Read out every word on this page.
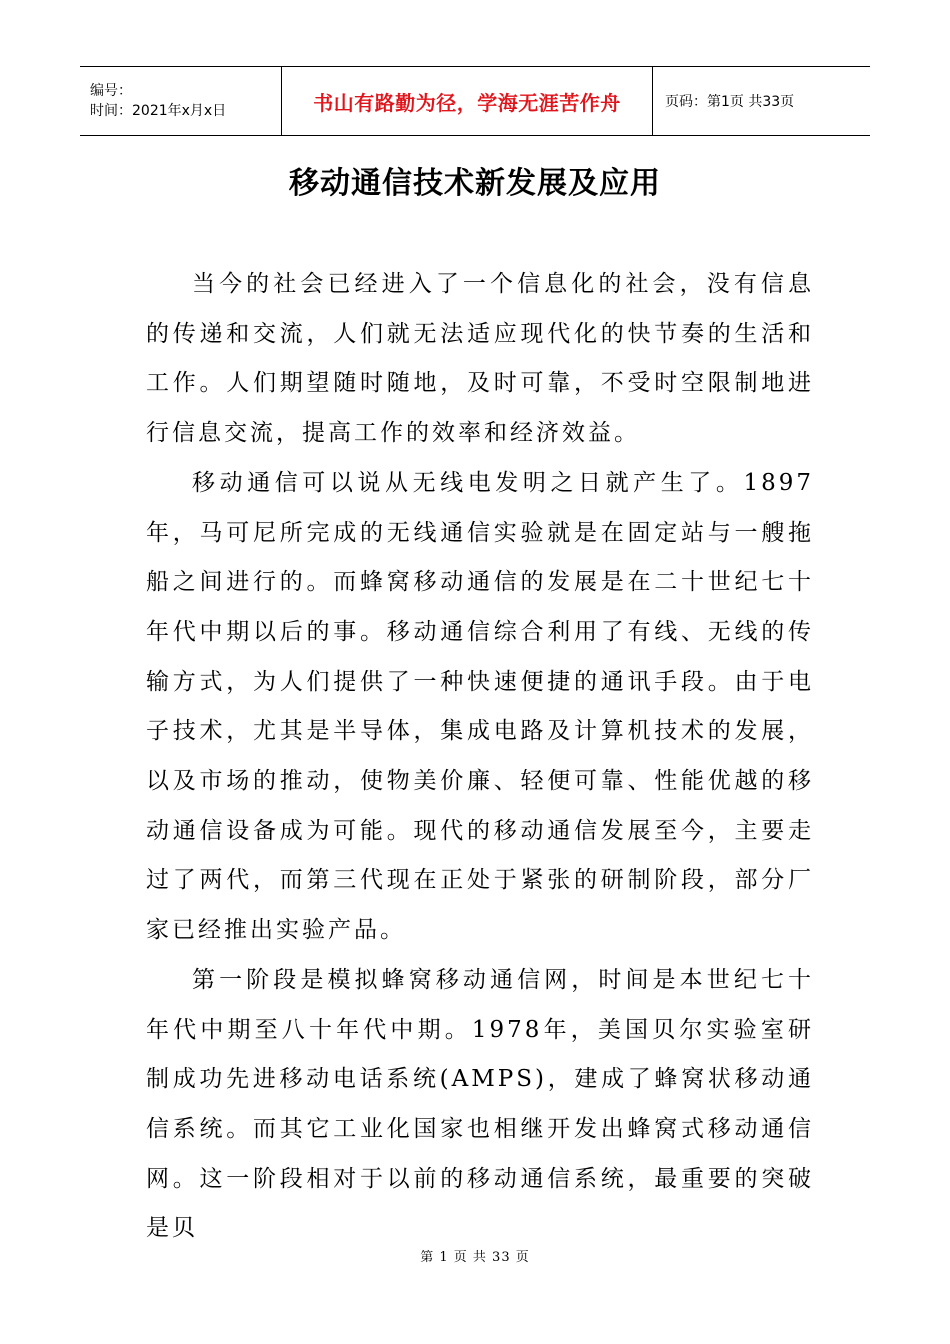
编号：
时间：2021年x月x日	书山有路勤为径，学海无涯苦作舟	页码：第1页 共33页
移动通信技术新发展及应用

当今的社会已经进入了一个信息化的社会，没有信息的传递和交流，人们就无法适应现代化的快节奏的生活和工作。人们期望随时随地，及时可靠，不受时空限制地进行信息交流，提高工作的效率和经济效益。

移动通信可以说从无线电发明之日就产生了。1897年，马可尼所完成的无线通信实验就是在固定站与一艘拖船之间进行的。而蜂窝移动通信的发展是在二十世纪七十年代中期以后的事。移动通信综合利用了有线、无线的传输方式，为人们提供了一种快速便捷的通讯手段。由于电子技术，尤其是半导体，集成电路及计算机技术的发展，以及市场的推动，使物美价廉、轻便可靠、性能优越的移动通信设备成为可能。现代的移动通信发展至今，主要走过了两代，而第三代现在正处于紧张的研制阶段，部分厂家已经推出实验产品。

第一阶段是模拟蜂窝移动通信网，时间是本世纪七十年代中期至八十年代中期。1978年，美国贝尔实验室研制成功先进移动电话系统(AMPS)，建成了蜂窝状移动通信系统。而其它工业化国家也相继开发出蜂窝式移动通信网。这一阶段相对于以前的移动通信系统，最重要的突破是贝

第 1 页 共 33 页
